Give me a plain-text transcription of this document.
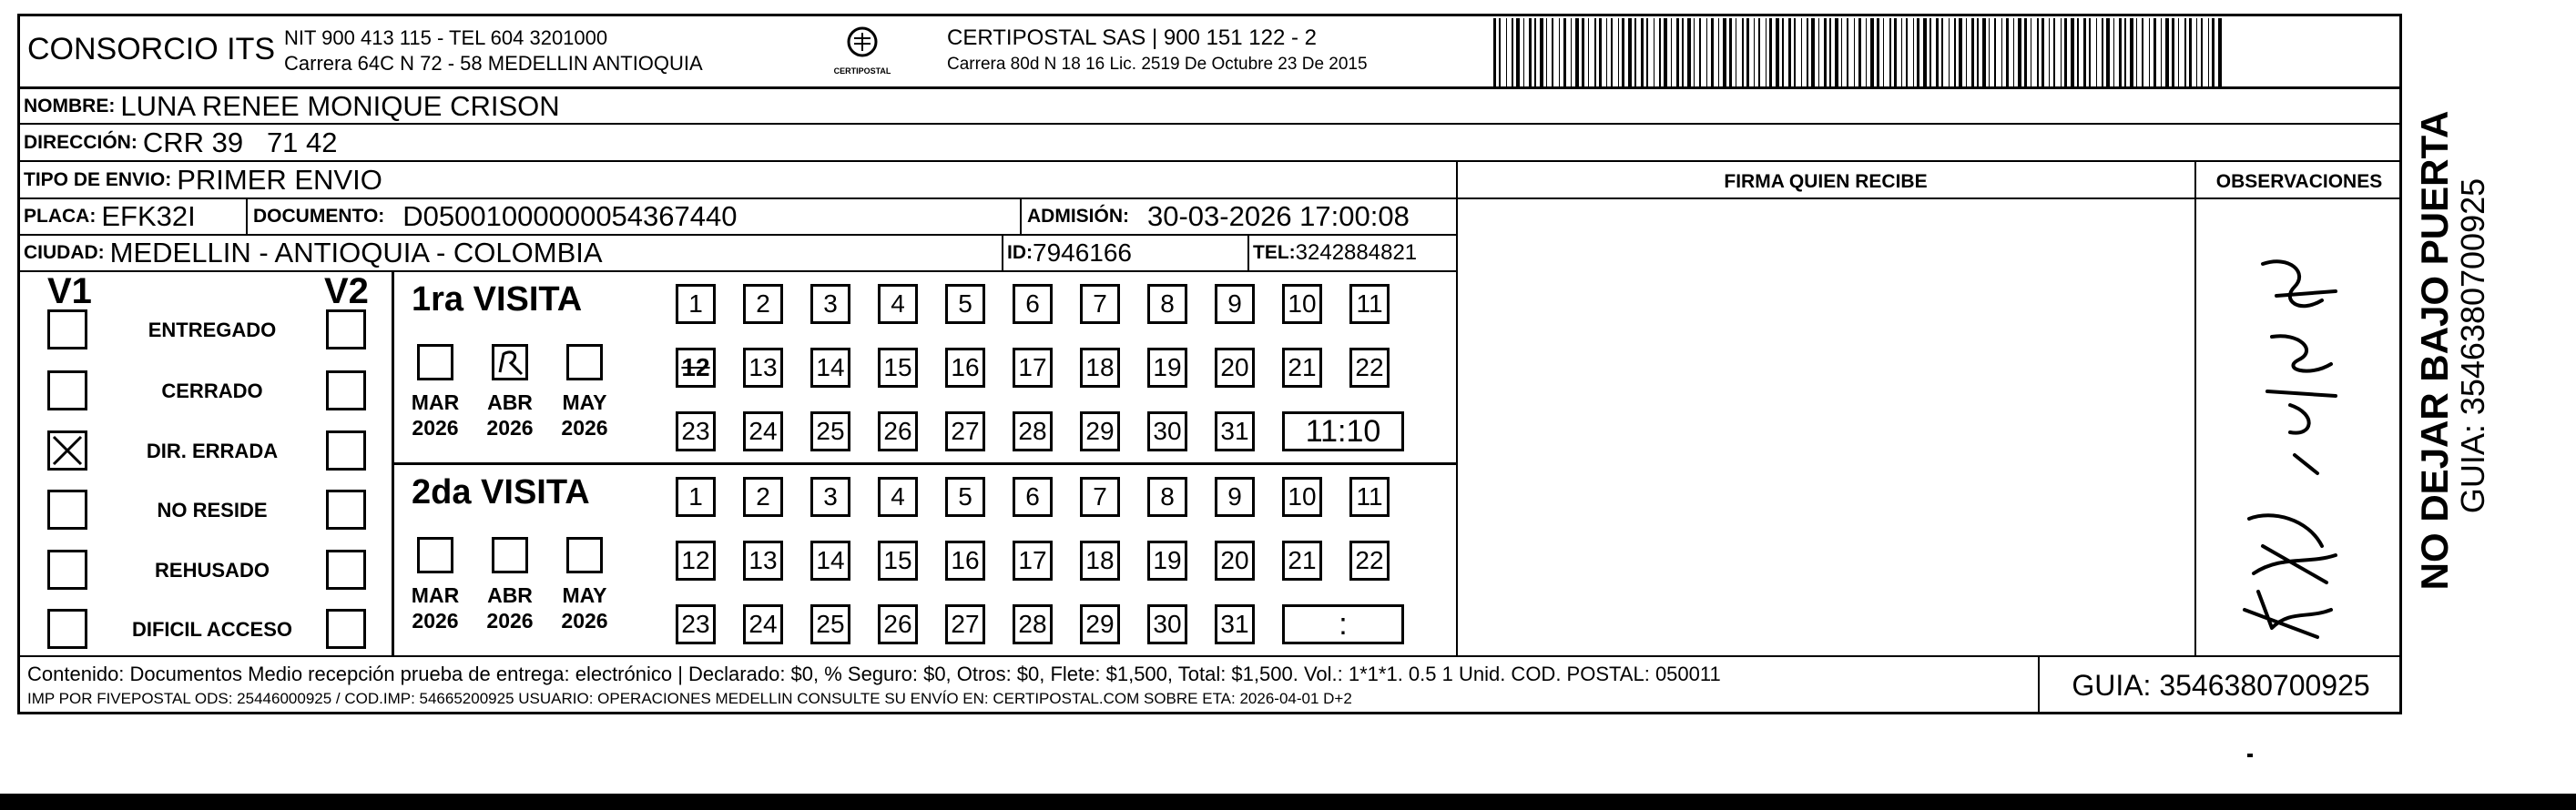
CONSORCIO ITS NIT 900 413 115 - TEL 604 3201000
Carrera 64C N 72 - 58 MEDELLIN ANTIOQUIA	CERTIPOSTAL
CERTIPOSTAL SAS | 900 151 122 - 2
Carrera 80d N 18 16 Lic. 2519 De Octubre 23 De 2015
NOMBRE: LUNA RENEE MONIQUE CRISON
DIRECCIÓN: CRR 39   71 42
TIPO DE ENVIO: PRIMER ENVIO	FIRMA QUIEN RECIBE	OBSERVACIONES
PLACA: EFK32I	DOCUMENTO: D05001000000054367440	ADMISIÓN: 30-03-2026 17:00:08
CIUDAD: MEDELLIN - ANTIOQUIA - COLOMBIA	ID: 7946166	TEL: 3242884821
V1	V2
ENTREGADO
CERRADO
DIR. ERRADA
NO RESIDE
REHUSADO
DIFICIL ACCESO
1ra VISITA
MAR
2026
ABR
2026
MAY
2026
1	2	3	4	5	6	7	8	9	10 11
12 13 14 15 16 17 18 19 20 21 22
23 24 25 26 27 28 29 30 31	11:10
2da VISITA
MAR
2026
ABR
2026
MAY
2026
1	2	3	4	5	6	7	8	9	10 11
12 13 14 15 16 17 18 19 20 21 22
23 24 25 26 27 28 29 30 31	:
Contenido: Documentos Medio recepción prueba de entrega: electrónico | Declarado: $0, % Seguro: $0, Otros: $0, Flete: $1,500, Total: $1,500. Vol.: 1*1*1. 0.5 1 Unid. COD. POSTAL: 050011
IMP POR FIVEPOSTAL ODS: 25446000925 / COD.IMP: 54665200925 USUARIO: OPERACIONES MEDELLIN CONSULTE SU ENVÍO EN: CERTIPOSTAL.COM SOBRE ETA: 2026-04-01 D+2	GUIA: 3546380700925
NO DEJAR BAJO PUERTA
GUIA: 3546380700925
